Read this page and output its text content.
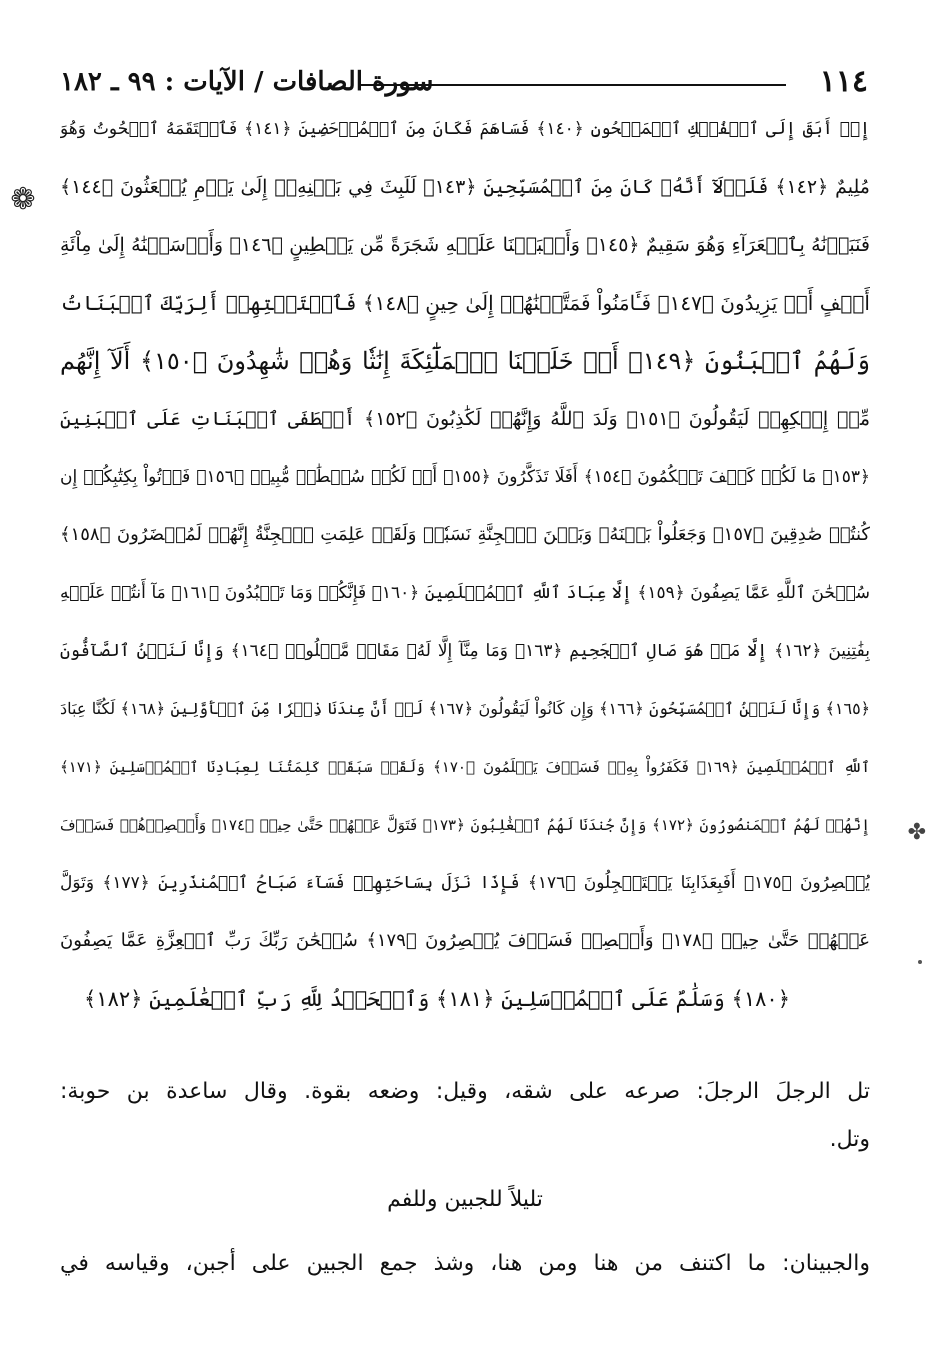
١١٤
سورة الصافات / الآيات : ٩٩ ـ ١٨٢
❁
✤
إِذۡ أَبَقَ إِلَى ٱلۡفُلۡكِ ٱلۡمَشۡحُونِ ﴿١٤٠﴾ فَسَاهَمَ فَكَانَ مِنَ ٱلۡمُدۡحَضِينَ ﴿١٤١﴾ فَٱلۡتَقَمَهُ ٱلۡحُوتُ وَهُوَ
مُلِيمٌ ﴿١٤٢﴾ فَلَوۡلَآ أَنَّهُۥ كَانَ مِنَ ٱلۡمُسَبِّحِينَ ﴿١٤٣﴾ لَلَبِثَ فِي بَطۡنِهِۦٓ إِلَىٰ يَوۡمِ يُبۡعَثُونَ ﴿١٤٤﴾
فَنَبَذۡنَٰهُ بِٱلۡعَرَآءِ وَهُوَ سَقِيمٌ ﴿١٤٥﴾ وَأَنۢبَتۡنَا عَلَيۡهِ شَجَرَةً مِّن يَقۡطِينٍ ﴿١٤٦﴾ وَأَرۡسَلۡنَٰهُ إِلَىٰ مِاْئَةِ
أَلۡفٍ أَوۡ يَزِيدُونَ ﴿١٤٧﴾ فَـَٔامَنُواْ فَمَتَّعۡنَٰهُمۡ إِلَىٰ حِينٍ ﴿١٤٨﴾ فَٱسۡتَفۡتِهِمۡ أَلِرَبِّكَ ٱلۡبَنَاتُ
وَلَهُمُ ٱلۡبَنُونَ ﴿١٤٩﴾ أَمۡ خَلَقۡنَا ٱلۡمَلَٰٓئِكَةَ إِنَٰثٗا وَهُمۡ شَٰهِدُونَ ﴿١٥٠﴾ أَلَآ إِنَّهُم
مِّنۡ إِفۡكِهِمۡ لَيَقُولُونَ ﴿١٥١﴾ وَلَدَ ٱللَّهُ وَإِنَّهُمۡ لَكَٰذِبُونَ ﴿١٥٢﴾ أَصۡطَفَى ٱلۡبَنَاتِ عَلَى ٱلۡبَنِينَ
﴿١٥٣﴾ مَا لَكُمۡ كَيۡفَ تَحۡكُمُونَ ﴿١٥٤﴾ أَفَلَا تَذَكَّرُونَ ﴿١٥٥﴾ أَمۡ لَكُمۡ سُلۡطَٰنٞ مُّبِينٞ ﴿١٥٦﴾ فَأۡتُواْ بِكِتَٰبِكُمۡ إِن
كُنتُمۡ صَٰدِقِينَ ﴿١٥٧﴾ وَجَعَلُواْ بَيۡنَهُۥ وَبَيۡنَ ٱلۡجِنَّةِ نَسَبٗاۚ وَلَقَدۡ عَلِمَتِ ٱلۡجِنَّةُ إِنَّهُمۡ لَمُحۡضَرُونَ ﴿١٥٨﴾
سُبۡحَٰنَ ٱللَّهِ عَمَّا يَصِفُونَ ﴿١٥٩﴾ إِلَّا عِبَادَ ٱللَّهِ ٱلۡمُخۡلَصِينَ ﴿١٦٠﴾ فَإِنَّكُمۡ وَمَا تَعۡبُدُونَ ﴿١٦١﴾ مَآ أَنتُمۡ عَلَيۡهِ
بِفَٰتِنِينَ ﴿١٦٢﴾ إِلَّا مَنۡ هُوَ صَالِ ٱلۡجَحِيمِ ﴿١٦٣﴾ وَمَا مِنَّآ إِلَّا لَهُۥ مَقَامٞ مَّعۡلُومٞ ﴿١٦٤﴾ وَإِنَّا لَنَحۡنُ ٱلصَّآفُّونَ
﴿١٦٥﴾ وَإِنَّا لَنَحۡنُ ٱلۡمُسَبِّحُونَ ﴿١٦٦﴾ وَإِن كَانُواْ لَيَقُولُونَ ﴿١٦٧﴾ لَوۡ أَنَّ عِندَنَا ذِكۡرٗا مِّنَ ٱلۡأَوَّلِينَ ﴿١٦٨﴾ لَكُنَّا عِبَادَ
ٱللَّهِ ٱلۡمُخۡلَصِينَ ﴿١٦٩﴾ فَكَفَرُواْ بِهِۦۖ فَسَوۡفَ يَعۡلَمُونَ ﴿١٧٠﴾ وَلَقَدۡ سَبَقَتۡ كَلِمَتُنَا لِعِبَادِنَا ٱلۡمُرۡسَلِينَ ﴿١٧١﴾
إِنَّهُمۡ لَهُمُ ٱلۡمَنصُورُونَ ﴿١٧٢﴾ وَإِنَّ جُندَنَا لَهُمُ ٱلۡغَٰلِبُونَ ﴿١٧٣﴾ فَتَوَلَّ عَنۡهُمۡ حَتَّىٰ حِينٖ ﴿١٧٤﴾ وَأَبۡصِرۡهُمۡ فَسَوۡفَ
يُبۡصِرُونَ ﴿١٧٥﴾ أَفَبِعَذَابِنَا يَسۡتَعۡجِلُونَ ﴿١٧٦﴾ فَإِذَا نَزَلَ بِسَاحَتِهِمۡ فَسَآءَ صَبَاحُ ٱلۡمُنذَرِينَ ﴿١٧٧﴾ وَتَوَلَّ
عَنۡهُمۡ حَتَّىٰ حِينٖ ﴿١٧٨﴾ وَأَبۡصِرۡ فَسَوۡفَ يُبۡصِرُونَ ﴿١٧٩﴾ سُبۡحَٰنَ رَبِّكَ رَبِّ ٱلۡعِزَّةِ عَمَّا يَصِفُونَ
﴿١٨٠﴾ وَسَلَٰمٌ عَلَى ٱلۡمُرۡسَلِينَ ﴿١٨١﴾ وَٱلۡحَمۡدُ لِلَّهِ رَبِّ ٱلۡعَٰلَمِينَ ﴿١٨٢﴾
تل الرجلَ الرجلَ: صرعه على شقه، وقيل: وضعه بقوة. وقال ساعدة بن حوبة:
وتل.
تليلاً للجبين وللفم
والجبينان: ما اكتنف من هنا ومن هنا، وشذ جمع الجبين على أجبن، وقياسه في
